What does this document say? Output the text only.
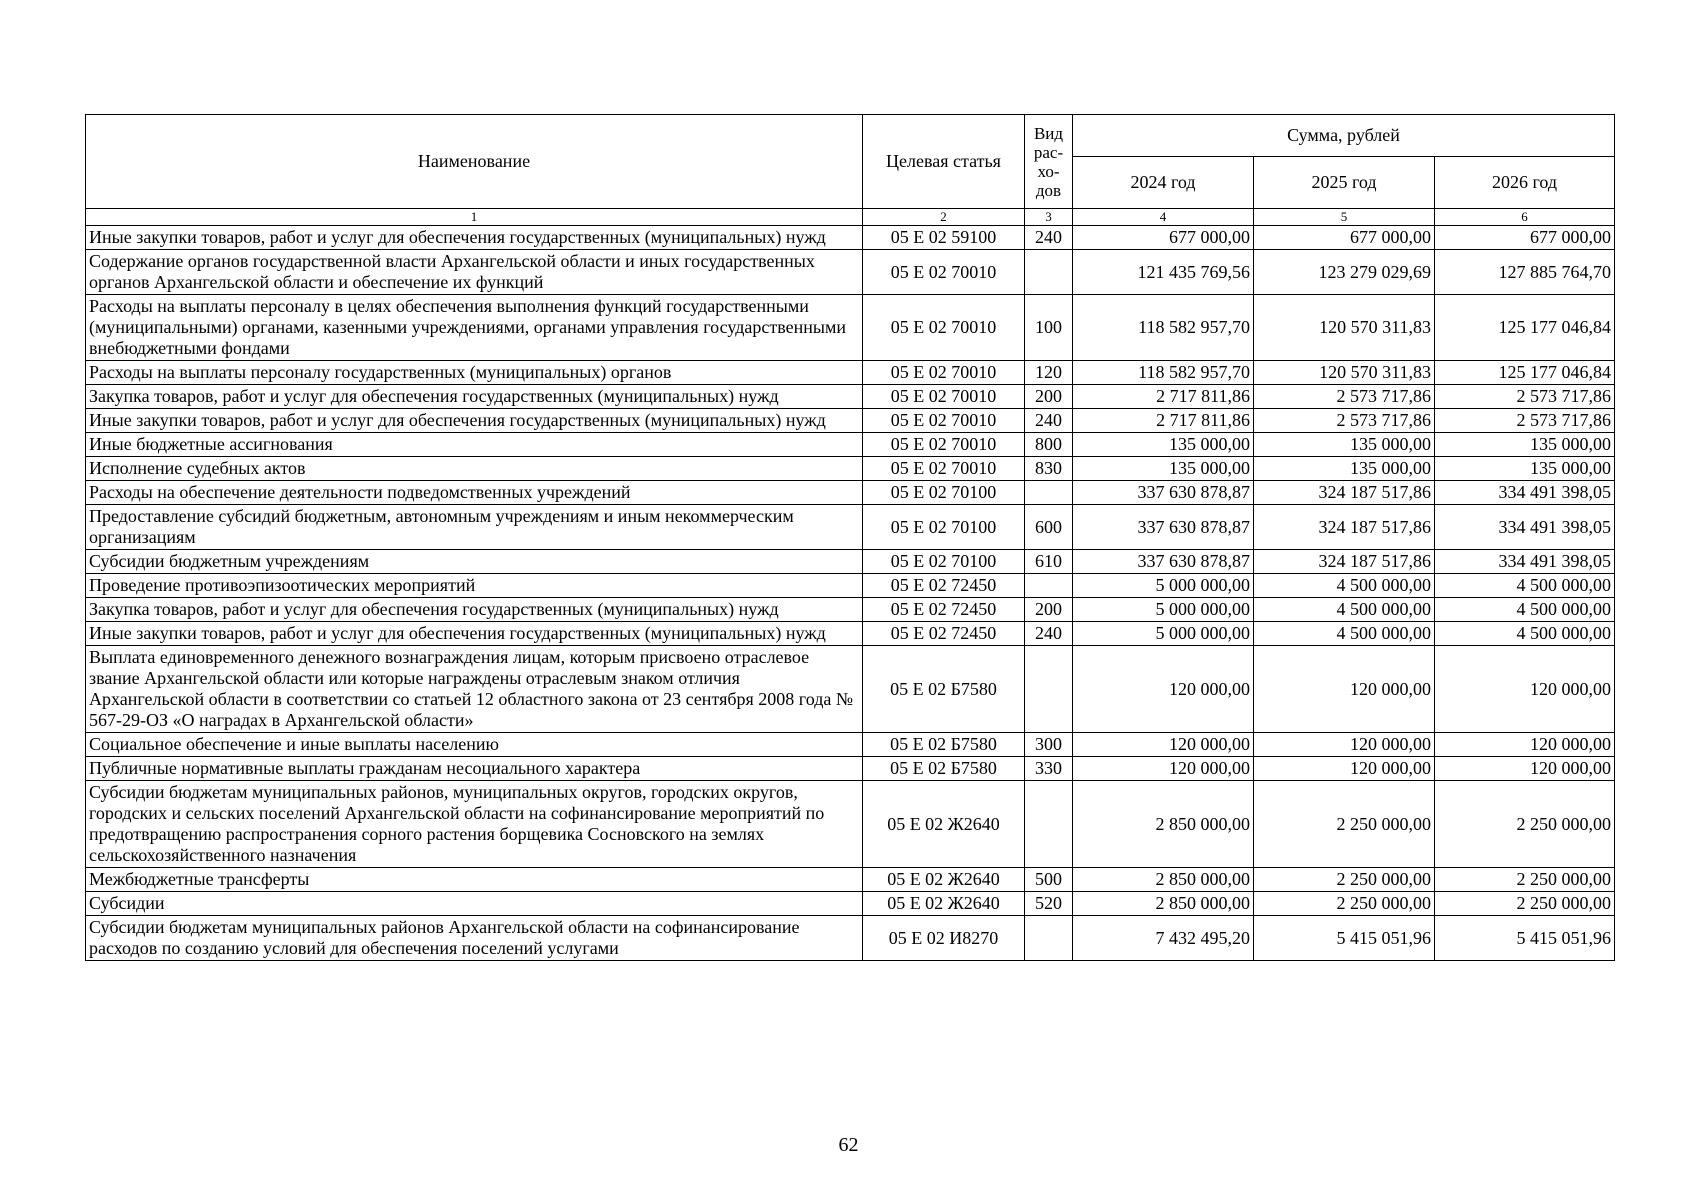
Наименование	Целевая статья	Вид рас- хо- дов	Сумма, рублей		
			2024 год	2025 год	2026 год
1	2	3	4	5	6
Иные закупки товаров, работ и услуг для обеспечения государственных (муниципальных) нужд	05 Е 02 59100	240	677 000,00	677 000,00	677 000,00
Содержание органов государственной власти Архангельской области и иных государственных органов Архангельской области и обеспечение их функций	05 Е 02 70010		121 435 769,56	123 279 029,69	127 885 764,70
Расходы на выплаты персоналу в целях обеспечения выполнения функций государственными (муниципальными) органами, казенными учреждениями, органами управления государственными внебюджетными фондами	05 Е 02 70010	100	118 582 957,70	120 570 311,83	125 177 046,84
Расходы на выплаты персоналу государственных (муниципальных) органов	05 Е 02 70010	120	118 582 957,70	120 570 311,83	125 177 046,84
Закупка товаров, работ и услуг для обеспечения государственных (муниципальных) нужд	05 Е 02 70010	200	2 717 811,86	2 573 717,86	2 573 717,86
Иные закупки товаров, работ и услуг для обеспечения государственных (муниципальных) нужд	05 Е 02 70010	240	2 717 811,86	2 573 717,86	2 573 717,86
Иные бюджетные ассигнования	05 Е 02 70010	800	135 000,00	135 000,00	135 000,00
Исполнение судебных актов	05 Е 02 70010	830	135 000,00	135 000,00	135 000,00
Расходы на обеспечение деятельности подведомственных учреждений	05 Е 02 70100		337 630 878,87	324 187 517,86	334 491 398,05
Предоставление субсидий бюджетным, автономным учреждениям и иным некоммерческим организациям	05 Е 02 70100	600	337 630 878,87	324 187 517,86	334 491 398,05
Субсидии бюджетным учреждениям	05 Е 02 70100	610	337 630 878,87	324 187 517,86	334 491 398,05
Проведение противоэпизоотических мероприятий	05 Е 02 72450		5 000 000,00	4 500 000,00	4 500 000,00
Закупка товаров, работ и услуг для обеспечения государственных (муниципальных) нужд	05 Е 02 72450	200	5 000 000,00	4 500 000,00	4 500 000,00
Иные закупки товаров, работ и услуг для обеспечения государственных (муниципальных) нужд	05 Е 02 72450	240	5 000 000,00	4 500 000,00	4 500 000,00
Выплата единовременного денежного вознаграждения лицам, которым присвоено отраслевое звание Архангельской области или которые награждены отраслевым знаком отличия Архангельской области в соответствии со статьей 12 областного закона от 23 сентября 2008 года № 567-29-ОЗ «О наградах в Архангельской области»	05 Е 02 Б7580		120 000,00	120 000,00	120 000,00
Социальное обеспечение и иные выплаты населению	05 Е 02 Б7580	300	120 000,00	120 000,00	120 000,00
Публичные нормативные выплаты гражданам несоциального характера	05 Е 02 Б7580	330	120 000,00	120 000,00	120 000,00
Субсидии бюджетам муниципальных районов, муниципальных округов, городских округов, городских и сельских поселений Архангельской области на софинансирование мероприятий по предотвращению распространения сорного растения борщевика Сосновского на землях сельскохозяйственного назначения	05 Е 02 Ж2640		2 850 000,00	2 250 000,00	2 250 000,00
Межбюджетные трансферты	05 Е 02 Ж2640	500	2 850 000,00	2 250 000,00	2 250 000,00
Субсидии	05 Е 02 Ж2640	520	2 850 000,00	2 250 000,00	2 250 000,00
Субсидии бюджетам муниципальных районов Архангельской области на софинансирование расходов по созданию условий для обеспечения поселений услугами	05 Е 02 И8270		7 432 495,20	5 415 051,96	5 415 051,96
62
